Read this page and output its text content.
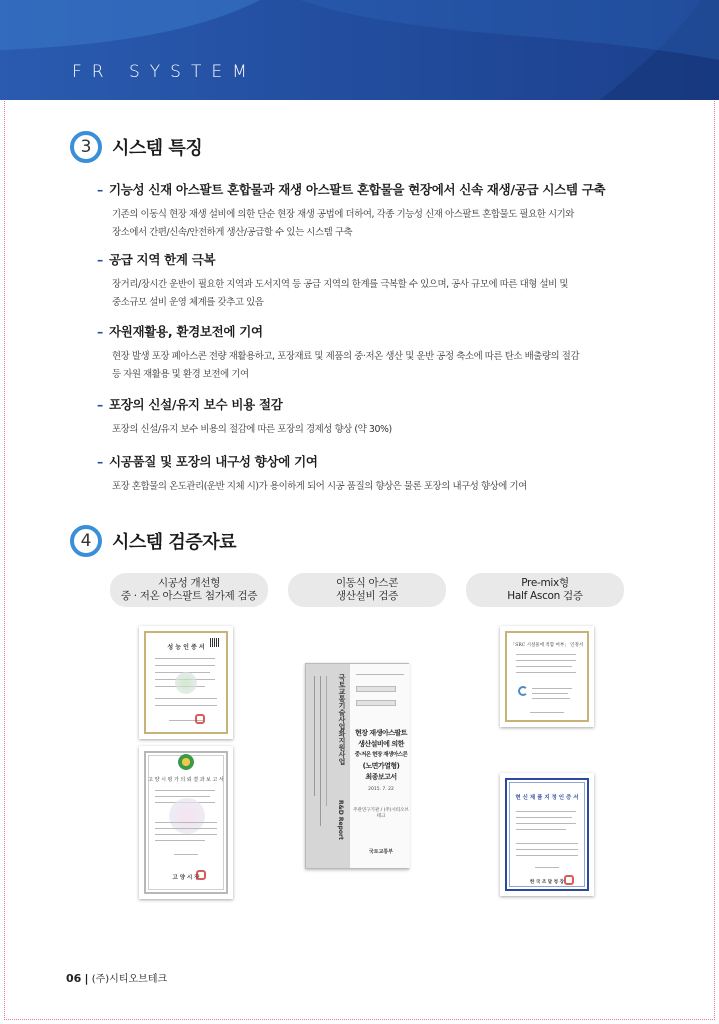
FR SYSTEM
3	시스템 특징
– 기능성 신재 아스팔트 혼합물과 재생 아스팔트 혼합물을 현장에서 신속 재생/공급 시스템 구축
기존의 이동식 현장 재생 설비에 의한 단순 현장 재생 공법에 더하여, 각종 기능성 신재 아스팔트 혼합물도 필요한 시기와
장소에서 간편/신속/안전하게 생산/공급할 수 있는 시스템 구축
– 공급 지역 한계 극복
장거리/장시간 운반이 필요한 지역과 도서지역 등 공급 지역의 한계를 극복할 수 있으며, 공사 규모에 따른 대형 설비 및
중소규모 설비 운영 체계를 갖추고 있음
– 자원재활용, 환경보전에 기여
현장 발생 포장 폐아스콘 전량 재활용하고, 포장재료 및 제품의 중·저온 생산 및 운반 공정 축소에 따른 탄소 배출량의 절감
등 자원 재활용 및 환경 보전에 기여
– 포장의 신설/유지 보수 비용 절감
포장의 신설/유지 보수 비용의 절감에 따른 포장의 경제성 향상 (약 30%)
– 시공품질 및 포장의 내구성 향상에 기여
포장 혼합물의 온도관리(운반 지체 시)가 용이하게 되어 시공 품질의 향상은 물론 포장의 내구성 향상에 기여
4	시스템 검증자료
시공성 개선형
중 · 저온 아스팔트 첨가제 검증
이동식 아스콘
생산설비 검증
Pre-mix형
Half Ascon 검증
성 능 인 증 서
고 양 시 평 가 의 뢰 결 과 보 고 서
고 양 시 장
국토교통기술사업화지원사업
R&D Report
현장 재생아스팔트
생산설비에 의한
중·저온 현장 재생아스콘
(노면가열형)
최종보고서
2015. 7. 22
주관연구기관 / (주)시티오브테크
국토교통부
「SRC 시설물에 적합 여부」 인정서
현 신 제 품 지 정 인 증 서
한 국 조 달 청 장
06 | (주)시티오브테크
